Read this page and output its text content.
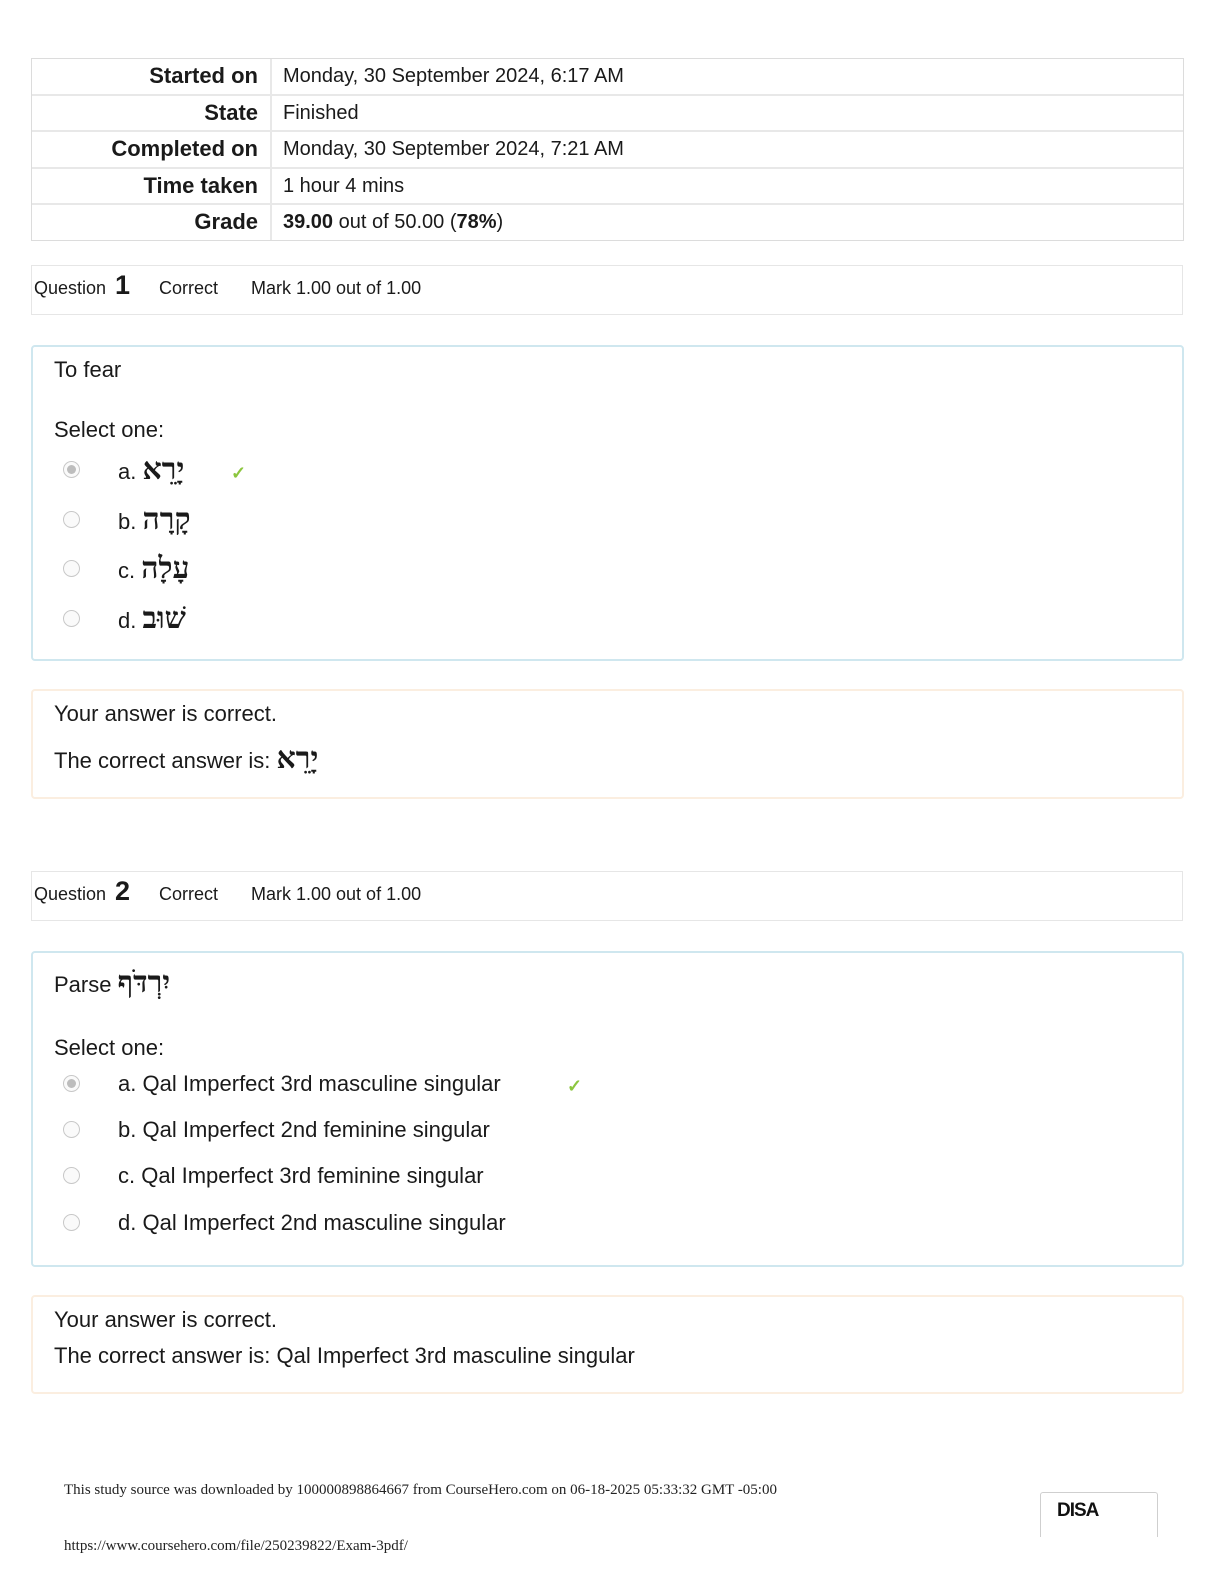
Started on	Monday, 30 September 2024, 6:17 AM
State	Finished
Completed on	Monday, 30 September 2024, 7:21 AM
Time taken	1 hour 4 mins
Grade	39.00 out of 50.00 (78%)
Question 1 Correct Mark 1.00 out of 1.00
To fear
Select one:
a. יָרֵא	✓
b. קָרָה
c. עָלָה
d. שׁוּב
Your answer is correct.
The correct answer is: יָרֵא
Question 2 Correct Mark 1.00 out of 1.00
Parse יִרְדֹּף
Select one:
a. Qal Imperfect 3rd masculine singular	✓
b. Qal Imperfect 2nd feminine singular
c. Qal Imperfect 3rd feminine singular
d. Qal Imperfect 2nd masculine singular
Your answer is correct.
The correct answer is: Qal Imperfect 3rd masculine singular
This study source was downloaded by 100000898864667 from CourseHero.com on 06-18-2025 05:33:32 GMT -05:00
https://www.coursehero.com/file/250239822/Exam-3pdf/
DISA
